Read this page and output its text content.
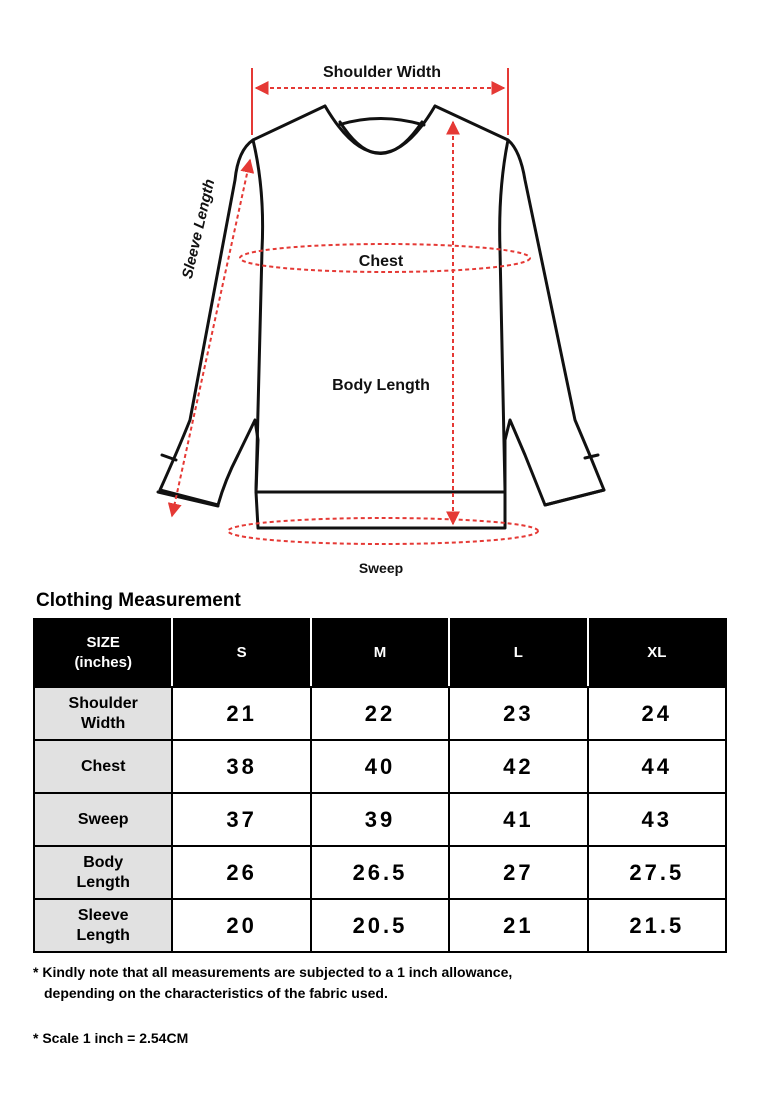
Shoulder Width
Sleeve Length	Chest
Body Length
Sweep
Clothing Measurement
SIZE
(inches)	S	M	L	XL
Shoulder
Width	21	22	23	24
Chest	38	40	42	44
Sweep	37	39	41	43
Body
Length	26	26.5	27	27.5
Sleeve
Length	20	20.5	21	21.5
* Kindly note that all measurements are subjected to a 1 inch allowance,
depending on the characteristics of the fabric used.
* Scale 1 inch = 2.54CM
